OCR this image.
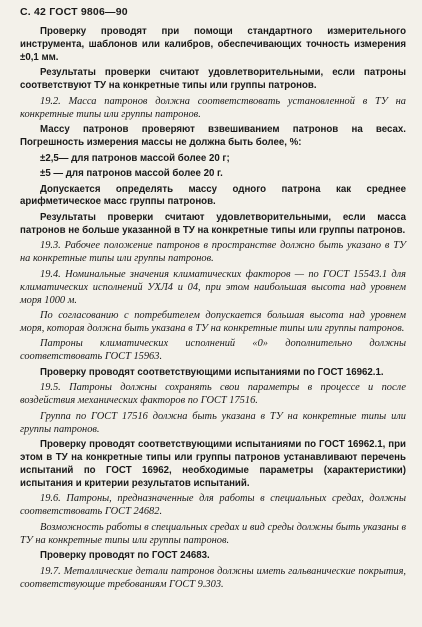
С. 42 ГОСТ 9806—90

Проверку проводят при помощи стандартного измерительного инструмента, шаблонов или калибров, обеспечивающих точность измерения ±0,1 мм.

Результаты проверки считают удовлетворительными, если патроны соответствуют ТУ на конкретные типы или группы патронов.

19.2. Масса патронов должна соответствовать установленной в ТУ на конкретные типы или группы патронов.

Массу патронов проверяют взвешиванием патронов на весах. Погрешность измерения массы не должна быть более, %:

±2,5— для патронов массой более 20 г;

±5 — для патронов массой более 20 г.

Допускается определять массу одного патрона как среднее арифметическое масс группы патронов.

Результаты проверки считают удовлетворительными, если масса патронов не больше указанной в ТУ на конкретные типы или группы патронов.

19.3. Рабочее положение патронов в пространстве должно быть указано в ТУ на конкретные типы или группы патронов.

19.4. Номинальные значения климатических факторов — по ГОСТ 15543.1 для климатических исполнений УХЛ4 и 04, при этом наибольшая высота над уровнем моря 1000 м.

По согласованию с потребителем допускается большая высота над уровнем моря, которая должна быть указана в ТУ на конкретные типы или группы патронов.

Патроны климатических исполнений «0» дополнительно должны соответствовать ГОСТ 15963.

Проверку проводят соответствующими испытаниями по ГОСТ 16962.1.

19.5. Патроны должны сохранять свои параметры в процессе и после воздействия механических факторов по ГОСТ 17516.

Группа по ГОСТ 17516 должна быть указана в ТУ на конкретные типы или группы патронов.

Проверку проводят соответствующими испытаниями по ГОСТ 16962.1, при этом в ТУ на конкретные типы или группы патронов устанавливают перечень испытаний по ГОСТ 16962, необходимые параметры (характеристики) испытания и критерии результатов испытаний.

19.6. Патроны, предназначенные для работы в специальных средах, должны соответствовать ГОСТ 24682.

Возможность работы в специальных средах и вид среды должны быть указаны в ТУ на конкретные типы или группы патронов.

Проверку проводят по ГОСТ 24683.

19.7. Металлические детали патронов должны иметь гальванические покрытия, соответствующие требованиям ГОСТ 9.303.
